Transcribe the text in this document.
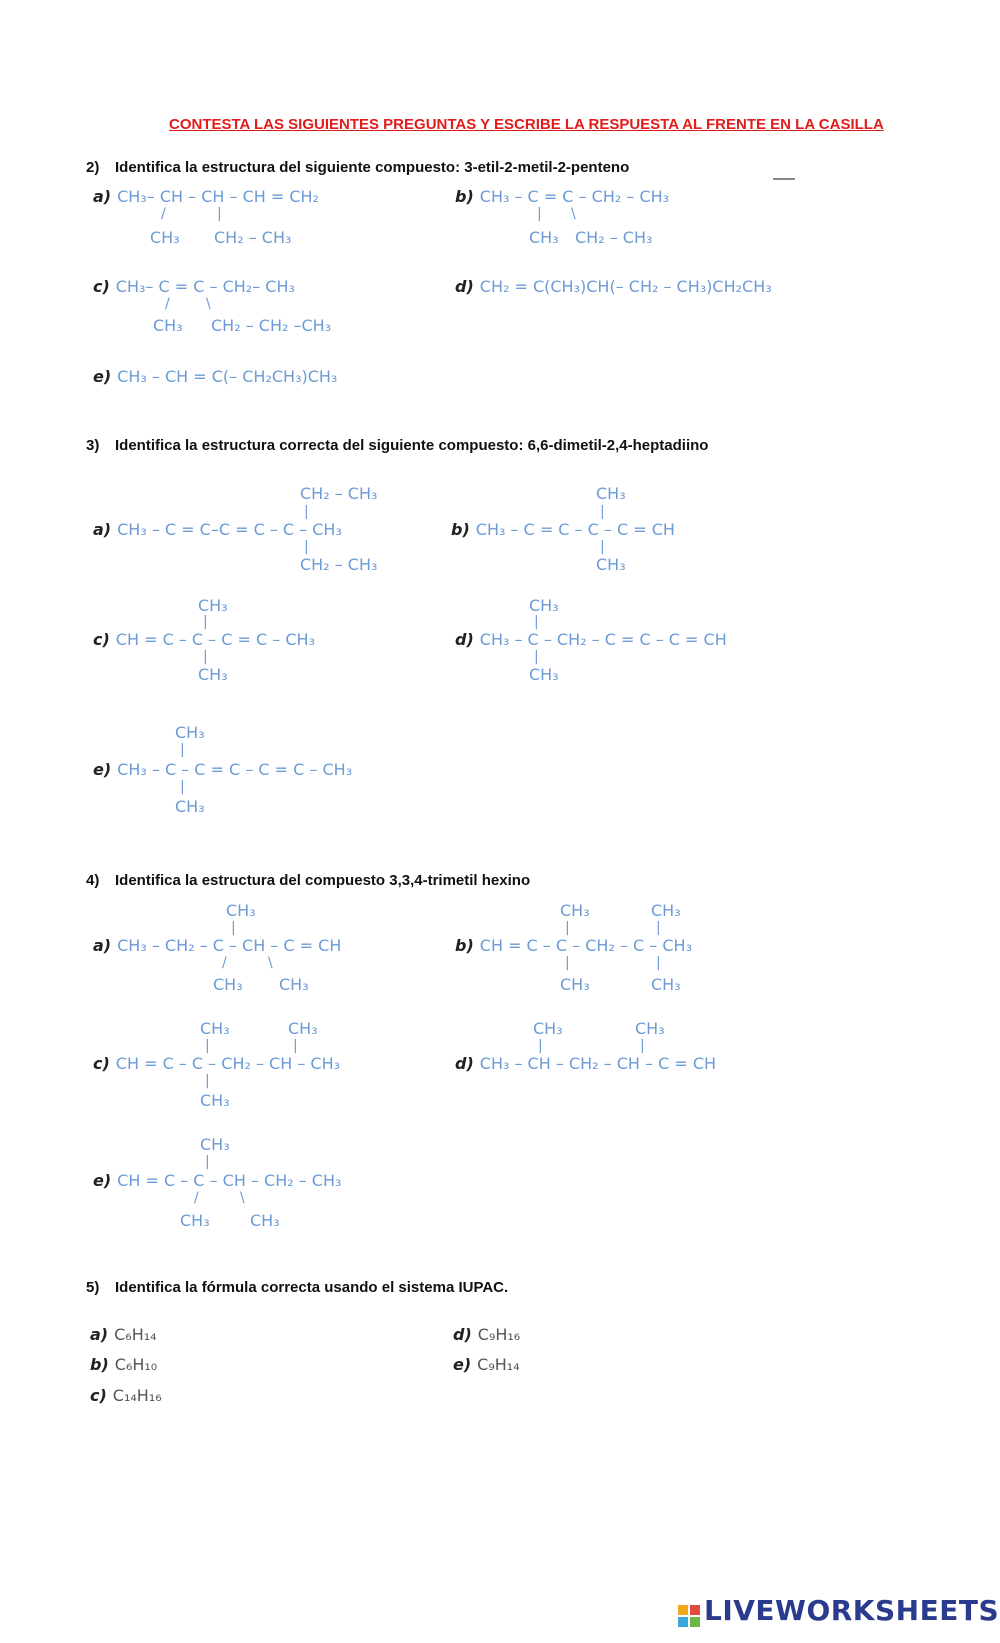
CONTESTA LAS SIGUIENTES PREGUNTAS Y ESCRIBE LA RESPUESTA AL FRENTE EN LA CASILLA
2) Identifica la estructura del siguiente compuesto: 3-etil-2-metil-2-penteno
a) CH₃– CH – CH – CH = CH₂
/	|
CH₃ CH₂ – CH₃
b) CH₃ – C = C – CH₂ – CH₃
| \
CH₃ CH₂ – CH₃
c) CH₃– C = C – CH₂– CH₃
/	\
CH₃ CH₂ – CH₂ –CH₃
d) CH₂ = C(CH₃)CH(– CH₂ – CH₃)CH₂CH₃
e) CH₃ – CH = C(– CH₂CH₃)CH₃
3) Identifica la estructura correcta del siguiente compuesto: 6,6-dimetil-2,4-heptadiino
CH₂ – CH₃
|
a) CH₃ – C = C–C = C – C – CH₃
|
CH₂ – CH₃
CH₃
|
b) CH₃ – C = C – C – C = CH
|
CH₃
CH₃
|
c) CH = C – C – C = C – CH₃
|
CH₃
CH₃
|
d) CH₃ – C – CH₂ – C = C – C = CH
|
CH₃
CH₃
|
e) CH₃ – C – C = C – C = C – CH₃
|
CH₃
4) Identifica la estructura del compuesto 3,3,4-trimetil hexino
CH₃
|
a) CH₃ – CH₂ – C – CH – C = CH
/	\
CH₃ CH₃
CH₃	CH₃
|	|
b) CH = C – C – CH₂ – C – CH₃
|	|
CH₃	CH₃
CH₃	CH₃
|	|
c) CH = C – C – CH₂ – CH – CH₃
|
CH₃
CH₃	CH₃
|	|
d) CH₃ – CH – CH₂ – CH – C = CH
CH₃
|
e) CH = C – C – CH – CH₂ – CH₃
/	\
CH₃	CH₃
5) Identifica la fórmula correcta usando el sistema IUPAC.
a) C₆H₁₄
b) C₆H₁₀
c) C₁₄H₁₆
d) C₉H₁₆
e) C₉H₁₄
LIVEWORKSHEETS
